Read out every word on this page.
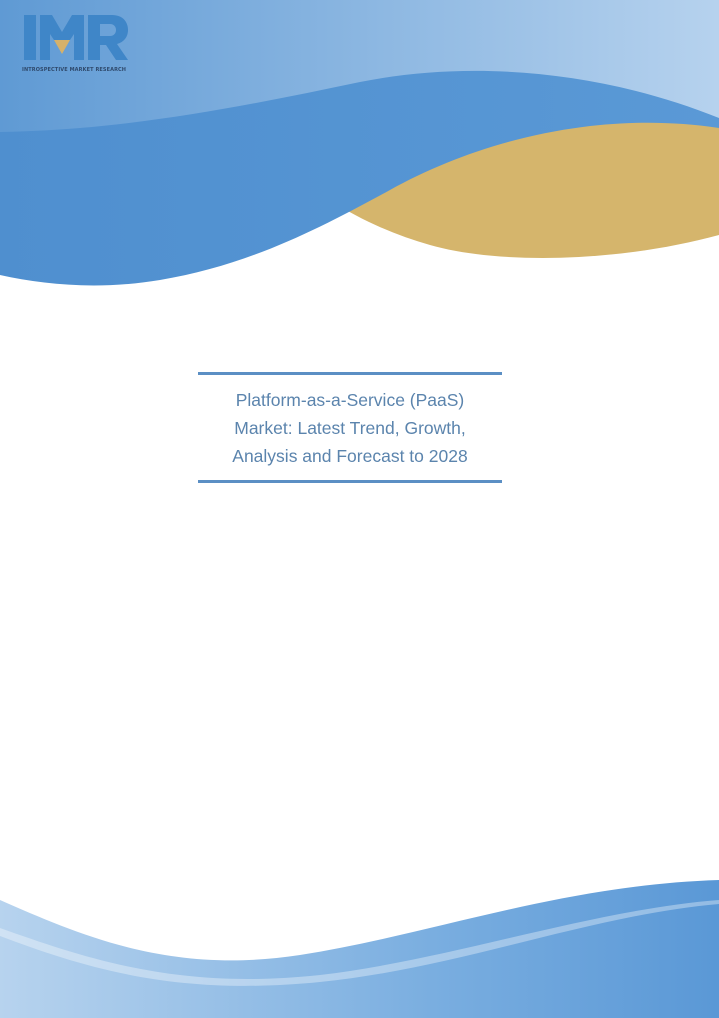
INTROSPECTIVE MARKET RESEARCH
Platform-as-a-Service (PaaS)
Market: Latest Trend, Growth,
Analysis and Forecast to 2028
